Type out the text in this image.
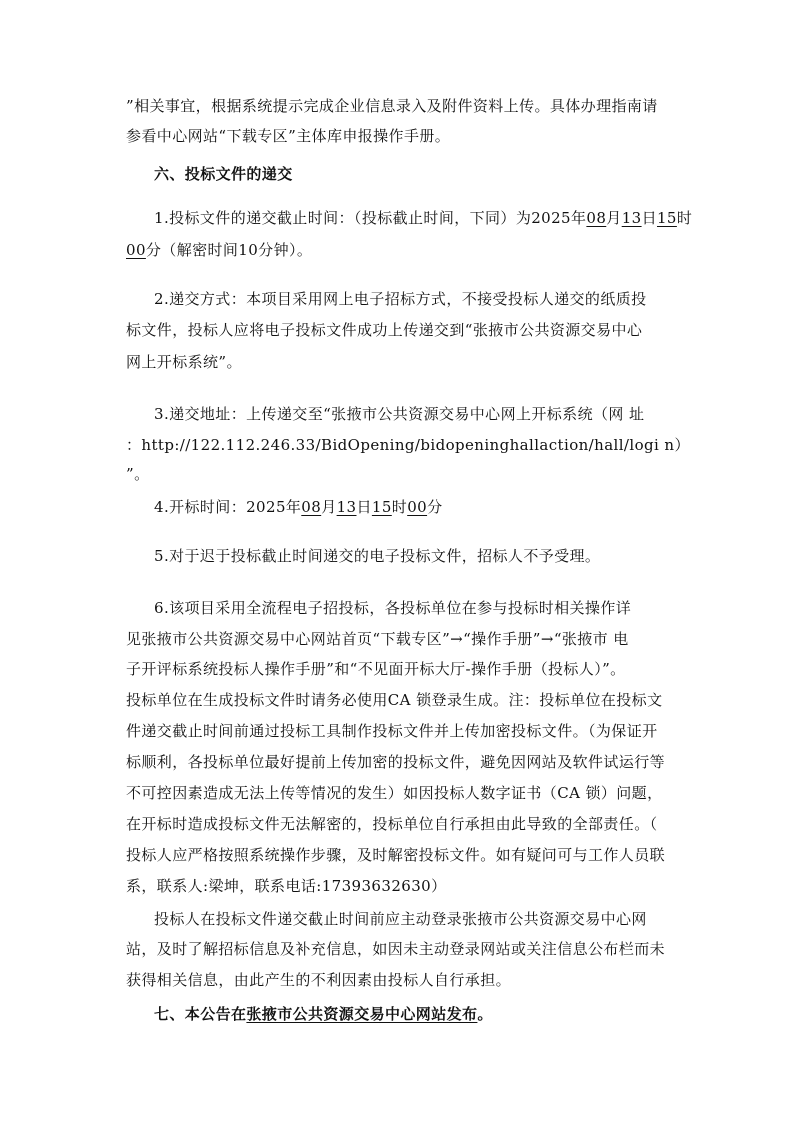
”相关事宜，根据系统提示完成企业信息录入及附件资料上传。具体办理指南请
参看中心网站“下载专区”主体库申报操作手册。
六、投标文件的递交
1.投标文件的递交截止时间：（投标截止时间，下同）为2025年08月13日15时
00分（解密时间10分钟）。
2.递交方式：本项目采用网上电子招标方式，不接受投标人递交的纸质投
标文件，投标人应将电子投标文件成功上传递交到“张掖市公共资源交易中心
网上开标系统”。
3.递交地址：上传递交至“张掖市公共资源交易中心网上开标系统（网 址
：http://122.112.246.33/BidOpening/bidopeninghallaction/hall/logi n）
”。
4.开标时间：2025年08月13日15时00分
5.对于迟于投标截止时间递交的电子投标文件，招标人不予受理。
6.该项目采用全流程电子招投标，各投标单位在参与投标时相关操作详
见张掖市公共资源交易中心网站首页“下载专区”→“操作手册”→“张掖市 电
子开评标系统投标人操作手册”和“不见面开标大厅-操作手册（投标人）”。
投标单位在生成投标文件时请务必使用CA 锁登录生成。注：投标单位在投标文
件递交截止时间前通过投标工具制作投标文件并上传加密投标文件。（为保证开
标顺利，各投标单位最好提前上传加密的投标文件，避免因网站及软件试运行等
不可控因素造成无法上传等情况的发生）如因投标人数字证书（CA 锁）问题，
在开标时造成投标文件无法解密的，投标单位自行承担由此导致的全部责任。（
投标人应严格按照系统操作步骤，及时解密投标文件。如有疑问可与工作人员联
系，联系人:梁坤，联系电话:17393632630）
投标人在投标文件递交截止时间前应主动登录张掖市公共资源交易中心网
站，及时了解招标信息及补充信息，如因未主动登录网站或关注信息公布栏而未
获得相关信息，由此产生的不利因素由投标人自行承担。
七、本公告在张掖市公共资源交易中心网站发布。
